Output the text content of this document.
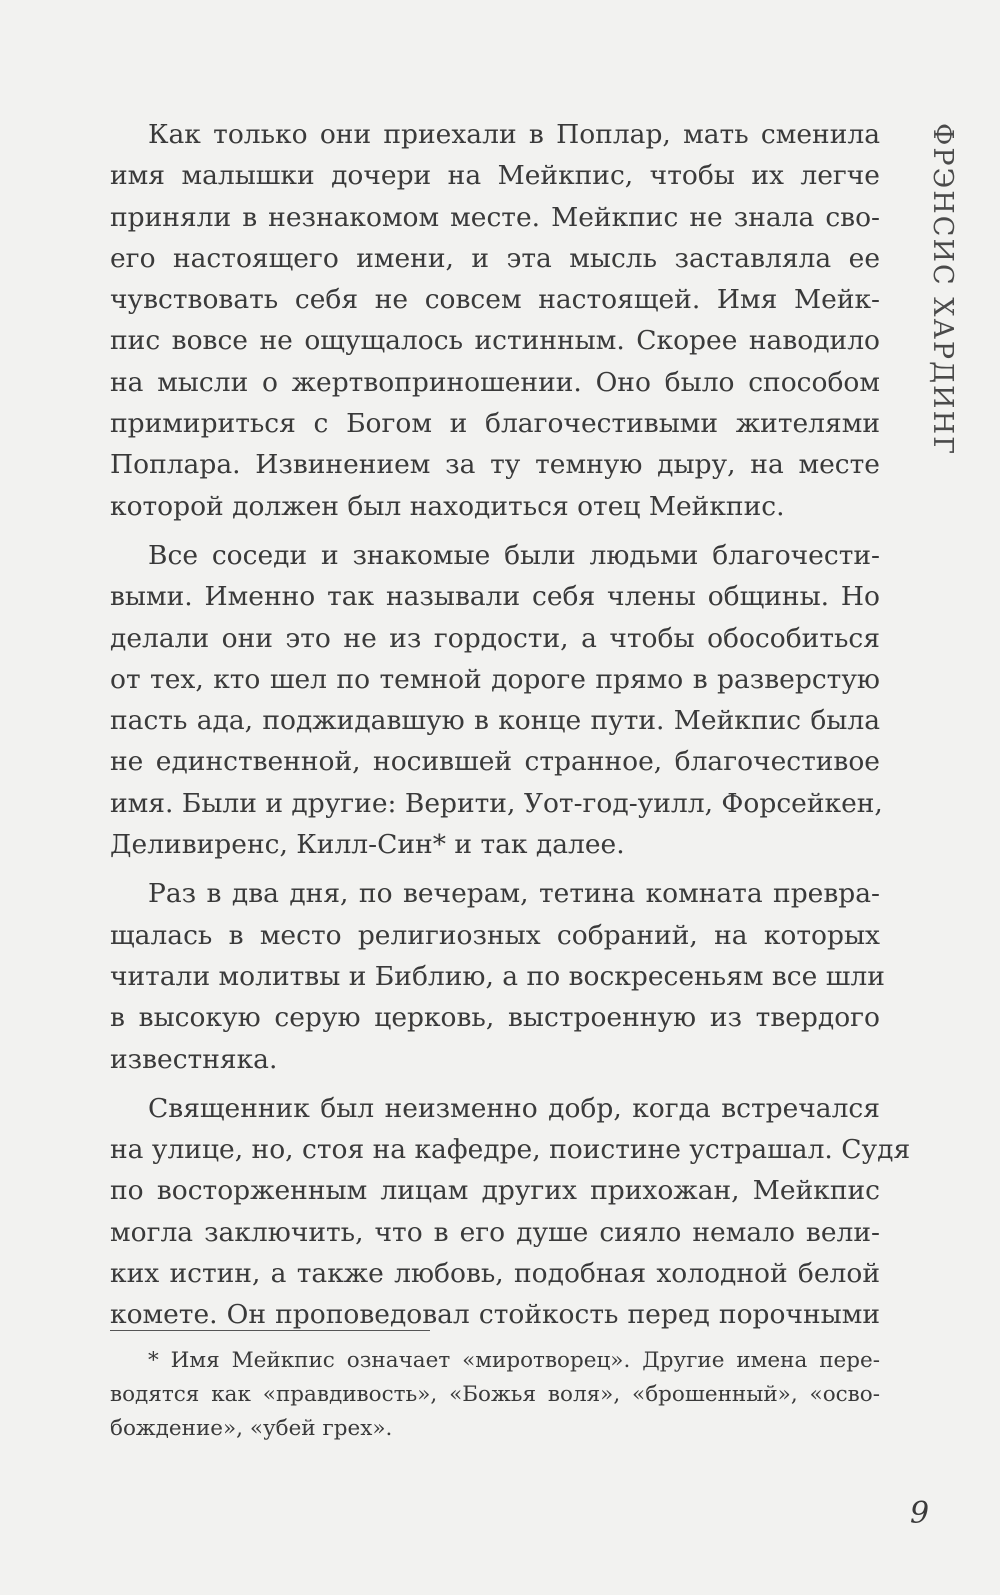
ФРЭНСИС ХАРДИНГ

Как только они приехали в Поплар, мать сменила
имя малышки дочери на Мейкпис, чтобы их легче
приняли в незнакомом месте. Мейкпис не знала сво-
его настоящего имени, и эта мысль заставляла ее
чувствовать себя не совсем настоящей. Имя Мейк-
пис вовсе не ощущалось истинным. Скорее наводило
на мысли о жертвоприношении. Оно было способом
примириться с Богом и благочестивыми жителями
Поплара. Извинением за ту темную дыру, на месте
которой должен был находиться отец Мейкпис.

Все соседи и знакомые были людьми благочести-
выми. Именно так называли себя члены общины. Но
делали они это не из гордости, а чтобы обособиться
от тех, кто шел по темной дороге прямо в разверстую
пасть ада, поджидавшую в конце пути. Мейкпис была
не единственной, носившей странное, благочестивое
имя. Были и другие: Верити, Уот-год-уилл, Форсейкен,
Деливиренс, Килл-Син* и так далее.

Раз в два дня, по вечерам, тетина комната превра-
щалась в место религиозных собраний, на которых
читали молитвы и Библию, а по воскресеньям все шли
в высокую серую церковь, выстроенную из твердого
известняка.

Священник был неизменно добр, когда встречался
на улице, но, стоя на кафедре, поистине устрашал. Судя
по восторженным лицам других прихожан, Мейкпис
могла заключить, что в его душе сияло немало вели-
ких истин, а также любовь, подобная холодной белой
комете. Он проповедовал стойкость перед порочными

* Имя Мейкпис означает «миротворец». Другие имена пере-
водятся как «правдивость», «Божья воля», «брошенный», «осво-
бождение», «убей грех».
9
